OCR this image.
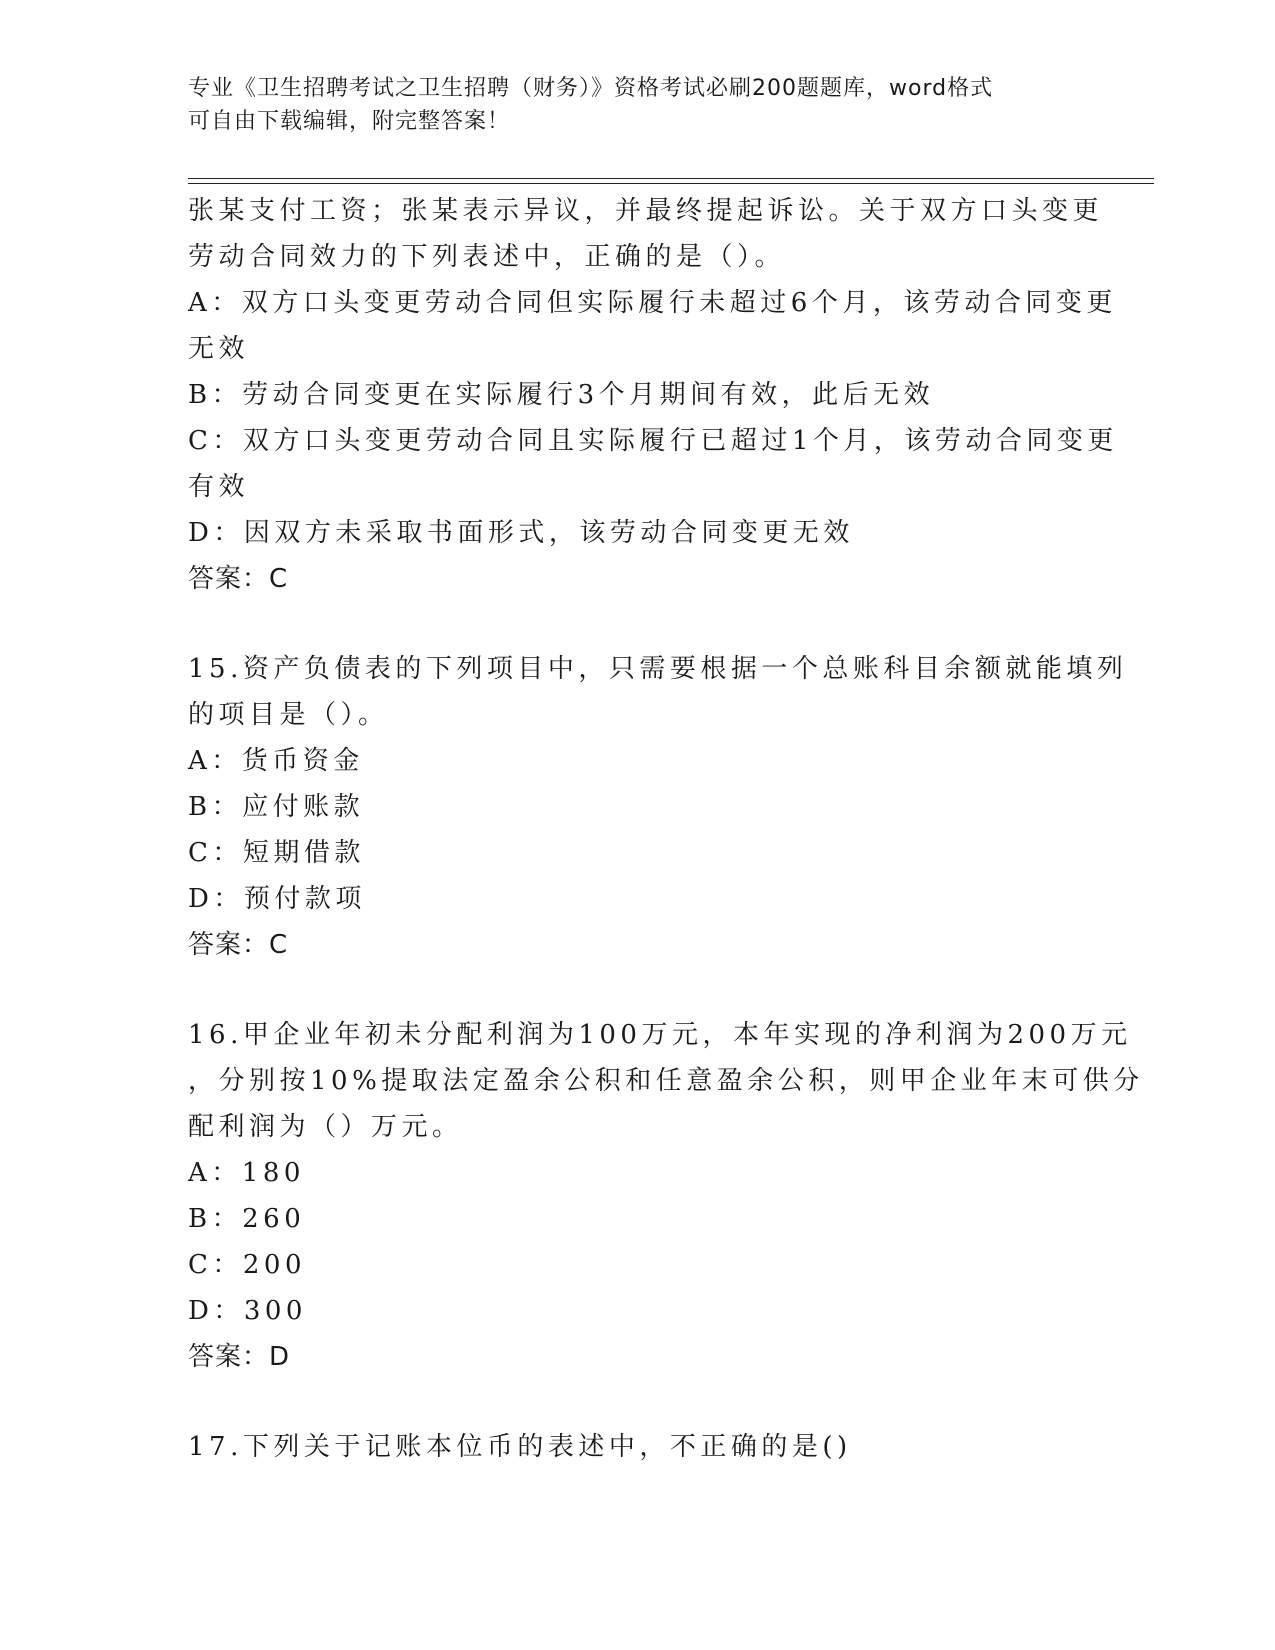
专业《卫生招聘考试之卫生招聘（财务）》资格考试必刷200题题库，word格式
可自由下载编辑，附完整答案！
张某支付工资；张某表示异议，并最终提起诉讼。关于双方口头变更
劳动合同效力的下列表述中，正确的是（）。
A：双方口头变更劳动合同但实际履行未超过6个月，该劳动合同变更
无效
B：劳动合同变更在实际履行3个月期间有效，此后无效
C：双方口头变更劳动合同且实际履行已超过1个月，该劳动合同变更
有效
D：因双方未采取书面形式，该劳动合同变更无效
答案：C
15.资产负债表的下列项目中，只需要根据一个总账科目余额就能填列
的项目是（）。
A：货币资金
B：应付账款
C：短期借款
D：预付款项
答案：C
16.甲企业年初未分配利润为100万元，本年实现的净利润为200万元
，分别按10%提取法定盈余公积和任意盈余公积，则甲企业年末可供分
配利润为（）万元。
A：180
B：260
C：200
D：300
答案：D
17.下列关于记账本位币的表述中，不正确的是()
